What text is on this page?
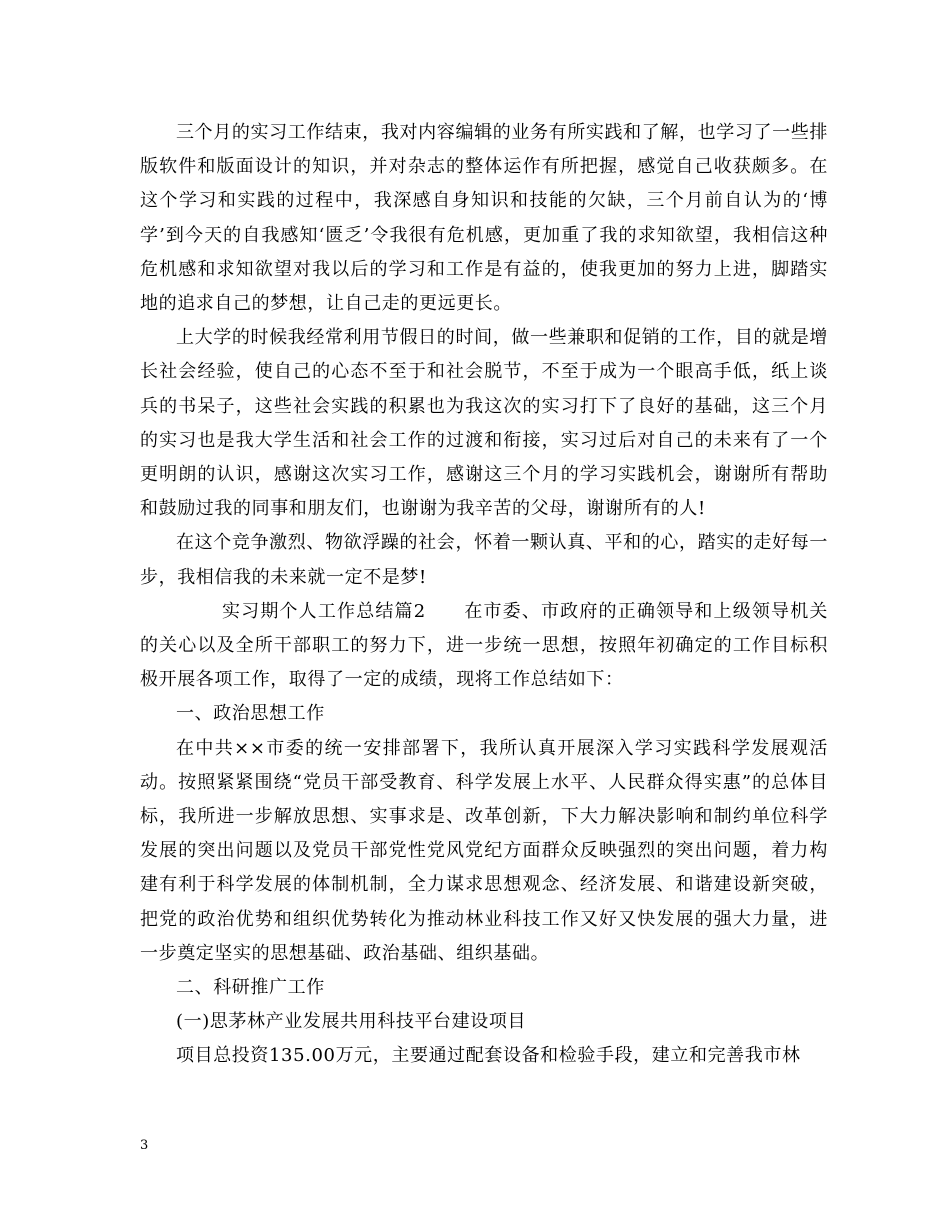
三个月的实习工作结束，我对内容编辑的业务有所实践和了解，也学习了一些排版软件和版面设计的知识，并对杂志的整体运作有所把握，感觉自己收获颇多。在这个学习和实践的过程中，我深感自身知识和技能的欠缺，三个月前自认为的‘博学’到今天的自我感知‘匮乏’令我很有危机感，更加重了我的求知欲望，我相信这种危机感和求知欲望对我以后的学习和工作是有益的，使我更加的努力上进，脚踏实地的追求自己的梦想，让自己走的更远更长。

上大学的时候我经常利用节假日的时间，做一些兼职和促销的工作，目的就是增长社会经验，使自己的心态不至于和社会脱节，不至于成为一个眼高手低，纸上谈兵的书呆子，这些社会实践的积累也为我这次的实习打下了良好的基础，这三个月的实习也是我大学生活和社会工作的过渡和衔接，实习过后对自己的未来有了一个更明朗的认识，感谢这次实习工作，感谢这三个月的学习实践机会，谢谢所有帮助和鼓励过我的同事和朋友们，也谢谢为我辛苦的父母，谢谢所有的人!

在这个竞争激烈、物欲浮躁的社会，怀着一颗认真、平和的心，踏实的走好每一步，我相信我的未来就一定不是梦!

实习期个人工作总结篇2 在市委、市政府的正确领导和上级领导机关的关心以及全所干部职工的努力下，进一步统一思想，按照年初确定的工作目标积极开展各项工作，取得了一定的成绩，现将工作总结如下：

一、政治思想工作

在中共××市委的统一安排部署下，我所认真开展深入学习实践科学发展观活动。按照紧紧围绕“党员干部受教育、科学发展上水平、人民群众得实惠”的总体目标，我所进一步解放思想、实事求是、改革创新，下大力解决影响和制约单位科学发展的突出问题以及党员干部党性党风党纪方面群众反映强烈的突出问题，着力构建有利于科学发展的体制机制，全力谋求思想观念、经济发展、和谐建设新突破，把党的政治优势和组织优势转化为推动林业科技工作又好又快发展的强大力量，进一步奠定坚实的思想基础、政治基础、组织基础。

二、科研推广工作

(一)思茅林产业发展共用科技平台建设项目

项目总投资135.00万元，主要通过配套设备和检验手段，建立和完善我市林

3
